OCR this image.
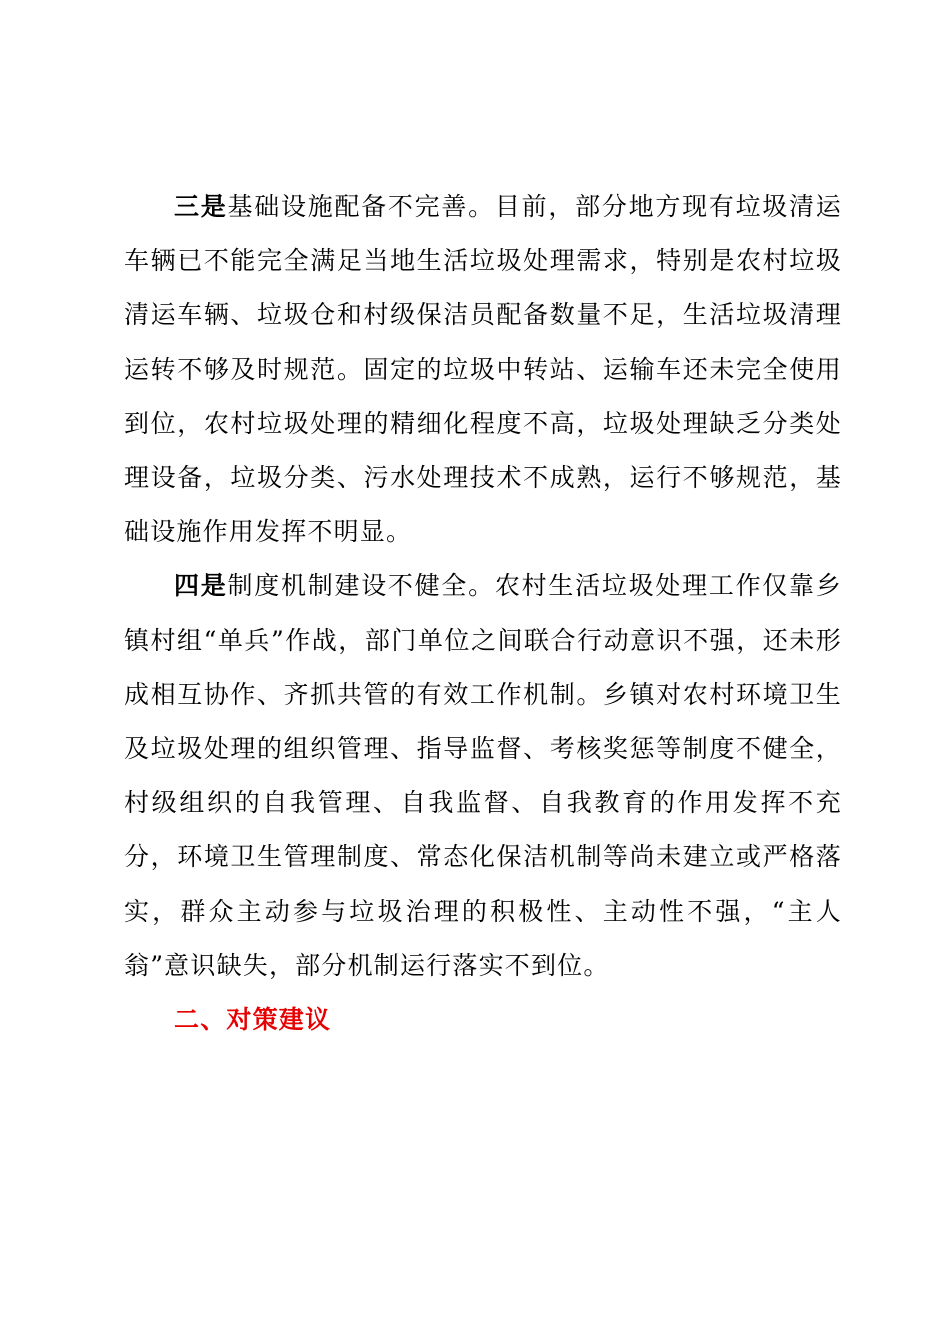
三是基础设施配备不完善。目前，部分地方现有垃圾清运车辆已不能完全满足当地生活垃圾处理需求，特别是农村垃圾清运车辆、垃圾仓和村级保洁员配备数量不足，生活垃圾清理运转不够及时规范。固定的垃圾中转站、运输车还未完全使用到位，农村垃圾处理的精细化程度不高，垃圾处理缺乏分类处理设备，垃圾分类、污水处理技术不成熟，运行不够规范，基础设施作用发挥不明显。

四是制度机制建设不健全。农村生活垃圾处理工作仅靠乡镇村组“单兵”作战，部门单位之间联合行动意识不强，还未形成相互协作、齐抓共管的有效工作机制。乡镇对农村环境卫生及垃圾处理的组织管理、指导监督、考核奖惩等制度不健全，村级组织的自我管理、自我监督、自我教育的作用发挥不充分，环境卫生管理制度、常态化保洁机制等尚未建立或严格落实，群众主动参与垃圾治理的积极性、主动性不强，“主人翁”意识缺失，部分机制运行落实不到位。

二、对策建议
